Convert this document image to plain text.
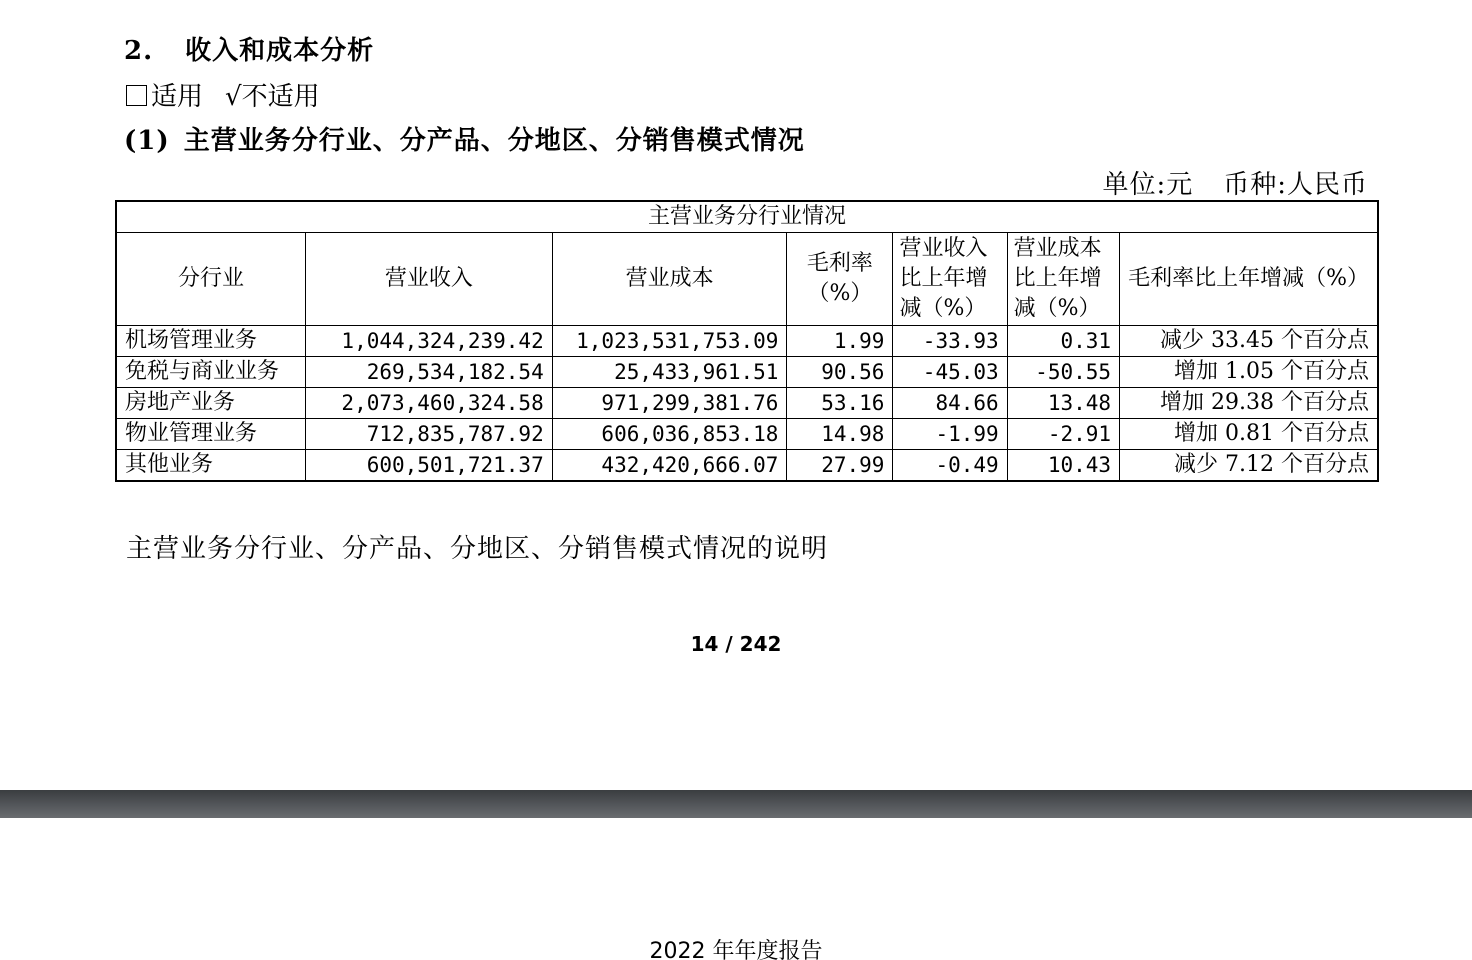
2. 收入和成本分析
适用 √不适用
(1) 主营业务分行业、分产品、分地区、分销售模式情况
单位:元 币种:人民币
主营业务分行业情况						
分行业	营业收入	营业成本	毛利率（%）	营业收入比上年增减（%）	营业成本比上年增减（%）	毛利率比上年增减（%）
机场管理业务	1,044,324,239.42	1,023,531,753.09	1.99	-33.93	0.31	减少 33.45 个百分点
免税与商业业务	269,534,182.54	25,433,961.51	90.56	-45.03	-50.55	增加 1.05 个百分点
房地产业务	2,073,460,324.58	971,299,381.76	53.16	84.66	13.48	增加 29.38 个百分点
物业管理业务	712,835,787.92	606,036,853.18	14.98	-1.99	-2.91	增加 0.81 个百分点
其他业务	600,501,721.37	432,420,666.07	27.99	-0.49	10.43	减少 7.12 个百分点
主营业务分行业、分产品、分地区、分销售模式情况的说明
14 / 242
2022 年年度报告
